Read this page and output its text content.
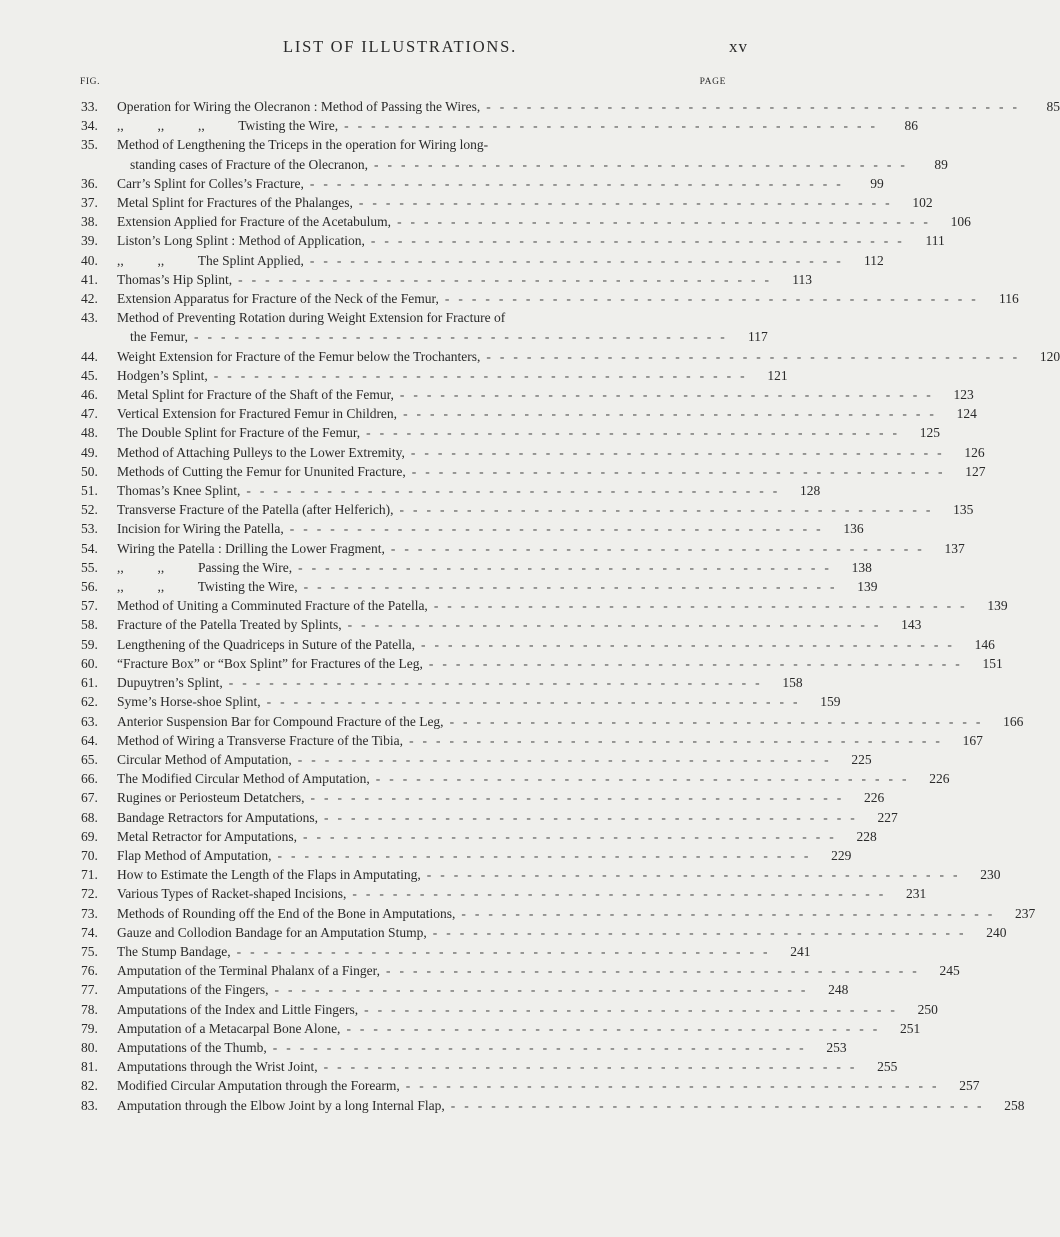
LIST OF ILLUSTRATIONS.	xv
FIG.	PAGE
33.	Operation for Wiring the Olecranon : Method of Passing the Wires, ----------------------------------------	85
34.	,,          ,,          ,,          Twisting the Wire, ----------------------------------------	86
35.	Method of Lengthening the Triceps in the operation for Wiring long-
standing cases of Fracture of the Olecranon, ----------------------------------------	89
36.	Carr’s Splint for Colles’s Fracture, ----------------------------------------	99
37.	Metal Splint for Fractures of the Phalanges, ----------------------------------------	102
38.	Extension Applied for Fracture of the Acetabulum, ----------------------------------------	106
39.	Liston’s Long Splint : Method of Application, ----------------------------------------	111
40.	,,          ,,          The Splint Applied, ----------------------------------------	112
41.	Thomas’s Hip Splint, ----------------------------------------	113
42.	Extension Apparatus for Fracture of the Neck of the Femur, ----------------------------------------	116
43.	Method of Preventing Rotation during Weight Extension for Fracture of
the Femur, ----------------------------------------	117
44.	Weight Extension for Fracture of the Femur below the Trochanters, ----------------------------------------	120
45.	Hodgen’s Splint, ----------------------------------------	121
46.	Metal Splint for Fracture of the Shaft of the Femur, ----------------------------------------	123
47.	Vertical Extension for Fractured Femur in Children, ----------------------------------------	124
48.	The Double Splint for Fracture of the Femur, ----------------------------------------	125
49.	Method of Attaching Pulleys to the Lower Extremity, ----------------------------------------	126
50.	Methods of Cutting the Femur for Ununited Fracture, ----------------------------------------	127
51.	Thomas’s Knee Splint, ----------------------------------------	128
52.	Transverse Fracture of the Patella (after Helferich), ----------------------------------------	135
53.	Incision for Wiring the Patella, ----------------------------------------	136
54.	Wiring the Patella : Drilling the Lower Fragment, ----------------------------------------	137
55.	,,          ,,          Passing the Wire, ----------------------------------------	138
56.	,,          ,,          Twisting the Wire, ----------------------------------------	139
57.	Method of Uniting a Comminuted Fracture of the Patella, ----------------------------------------	139
58.	Fracture of the Patella Treated by Splints, ----------------------------------------	143
59.	Lengthening of the Quadriceps in Suture of the Patella, ----------------------------------------	146
60.	“Fracture Box” or “Box Splint” for Fractures of the Leg, ----------------------------------------	151
61.	Dupuytren’s Splint, ----------------------------------------	158
62.	Syme’s Horse-shoe Splint, ----------------------------------------	159
63.	Anterior Suspension Bar for Compound Fracture of the Leg, ----------------------------------------	166
64.	Method of Wiring a Transverse Fracture of the Tibia, ----------------------------------------	167
65.	Circular Method of Amputation, ----------------------------------------	225
66.	The Modified Circular Method of Amputation, ----------------------------------------	226
67.	Rugines or Periosteum Detatchers, ----------------------------------------	226
68.	Bandage Retractors for Amputations, ----------------------------------------	227
69.	Metal Retractor for Amputations, ----------------------------------------	228
70.	Flap Method of Amputation, ----------------------------------------	229
71.	How to Estimate the Length of the Flaps in Amputating, ----------------------------------------	230
72.	Various Types of Racket-shaped Incisions, ----------------------------------------	231
73.	Methods of Rounding off the End of the Bone in Amputations, ----------------------------------------	237
74.	Gauze and Collodion Bandage for an Amputation Stump, ----------------------------------------	240
75.	The Stump Bandage, ----------------------------------------	241
76.	Amputation of the Terminal Phalanx of a Finger, ----------------------------------------	245
77.	Amputations of the Fingers, ----------------------------------------	248
78.	Amputations of the Index and Little Fingers, ----------------------------------------	250
79.	Amputation of a Metacarpal Bone Alone, ----------------------------------------	251
80.	Amputations of the Thumb, ----------------------------------------	253
81.	Amputations through the Wrist Joint, ----------------------------------------	255
82.	Modified Circular Amputation through the Forearm, ----------------------------------------	257
83.	Amputation through the Elbow Joint by a long Internal Flap, ----------------------------------------	258
